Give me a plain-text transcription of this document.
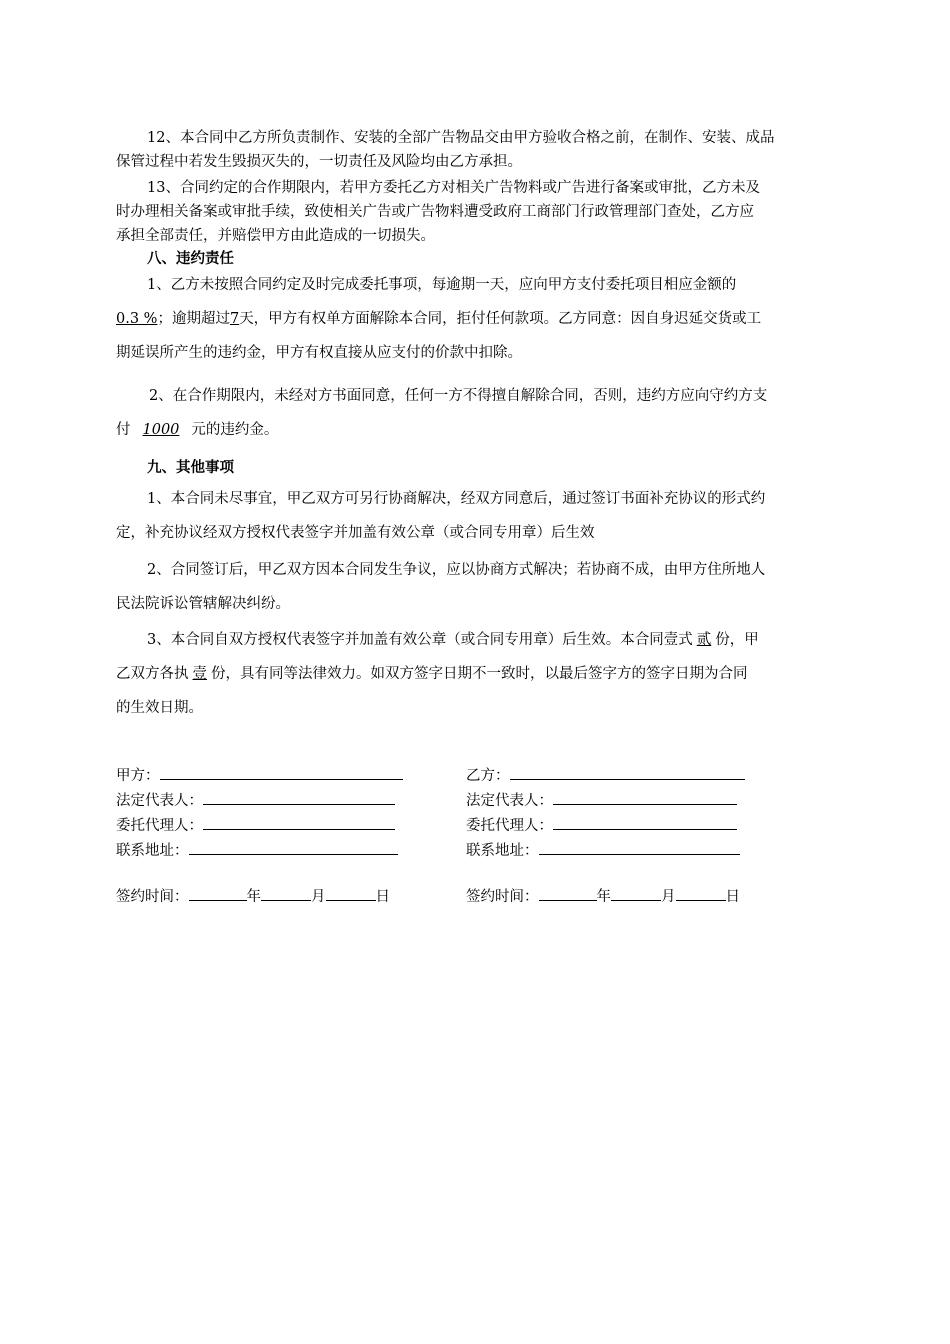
12、本合同中乙方所负责制作、安装的全部广告物品交由甲方验收合格之前，在制作、安装、成品
保管过程中若发生毁损灭失的，一切责任及风险均由乙方承担。
13、合同约定的合作期限内，若甲方委托乙方对相关广告物料或广告进行备案或审批，乙方未及
时办理相关备案或审批手续，致使相关广告或广告物料遭受政府工商部门行政管理部门查处，乙方应
承担全部责任，并赔偿甲方由此造成的一切损失。
八、违约责任
1、乙方未按照合同约定及时完成委托事项，每逾期一天，应向甲方支付委托项目相应金额的
0.3 %；逾期超过7天，甲方有权单方面解除本合同，拒付任何款项。乙方同意：因自身迟延交货或工
期延误所产生的违约金，甲方有权直接从应支付的价款中扣除。
2、在合作期限内，未经对方书面同意，任何一方不得擅自解除合同，否则，违约方应向守约方支
付 1000 元的违约金。
九、其他事项
1、本合同未尽事宜，甲乙双方可另行协商解决，经双方同意后，通过签订书面补充协议的形式约
定，补充协议经双方授权代表签字并加盖有效公章（或合同专用章）后生效
2、合同签订后，甲乙双方因本合同发生争议，应以协商方式解决；若协商不成，由甲方住所地人
民法院诉讼管辖解决纠纷。
3、本合同自双方授权代表签字并加盖有效公章（或合同专用章）后生效。本合同壹式 贰 份，甲
乙双方各执 壹 份，具有同等法律效力。如双方签字日期不一致时，以最后签字方的签字日期为合同
的生效日期。
甲方：
法定代表人：
委托代理人：
联系地址：
签约时间：	年	月	日
乙方：
法定代表人：
委托代理人：
联系地址：
签约时间：	年	月	日
